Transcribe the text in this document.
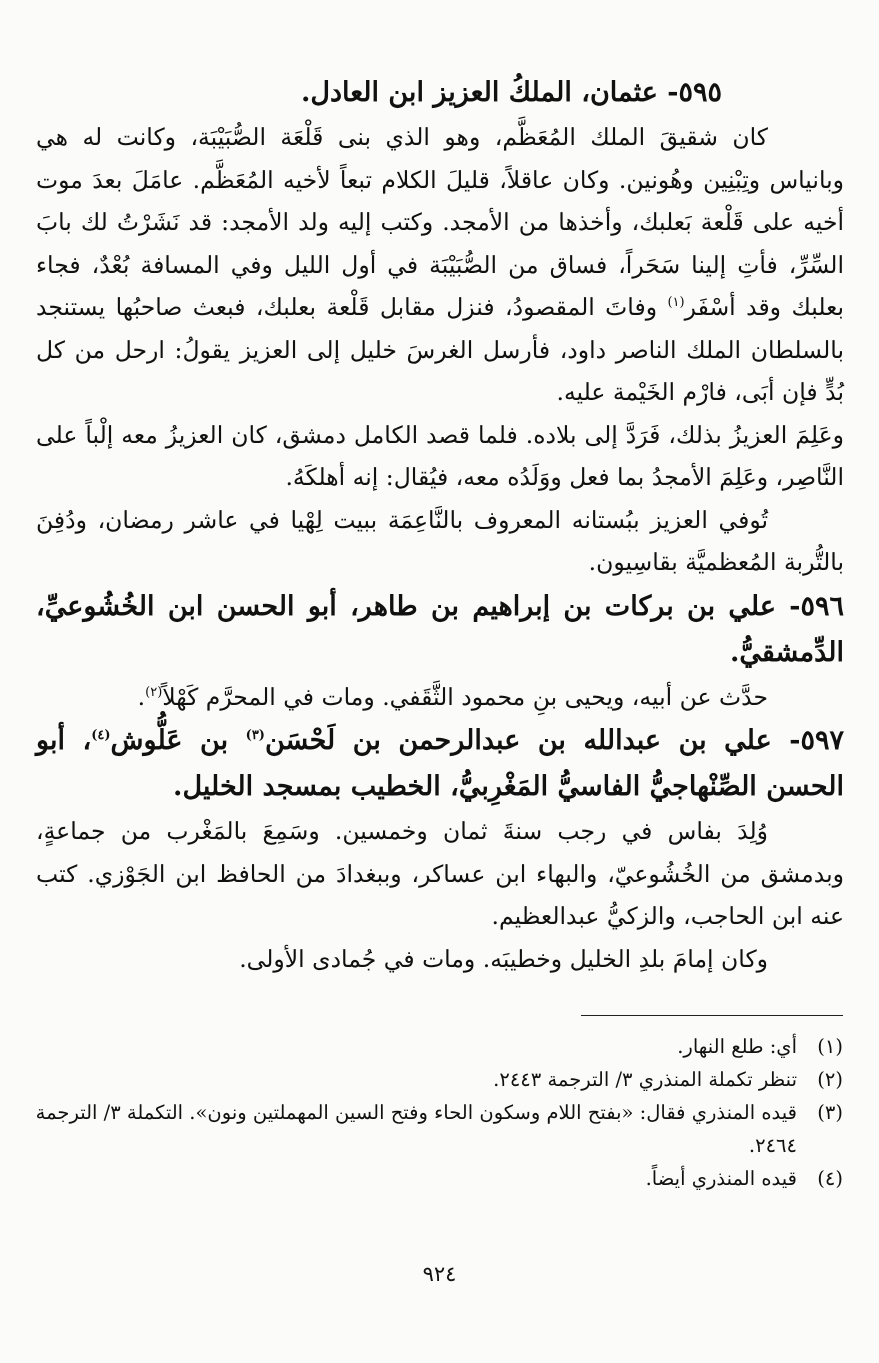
٥٩٥- عثمان، الملكُ العزيز ابن العادل.

كان شقيقَ الملك المُعَظَّم، وهو الذي بنى قَلْعَة الصُّبَيْبَة، وكانت له هي وبانياس وتِبْنِين وهُونين. وكان عاقلاً، قليلَ الكلام تبعاً لأخيه المُعَظَّم. عامَلَ بعدَ موت أخيه على قَلْعة بَعلبك، وأخذها من الأمجد. وكتب إليه ولد الأمجد: قد نَشَرْتُ لك بابَ السِّرِّ، فأتِ إلينا سَحَراً، فساق من الصُّبَيْبَة في أول الليل وفي المسافة بُعْدٌ، فجاء بعلبك وقد أسْفَر$^{(١)}$ وفاتَ المقصودُ، فنزل مقابل قَلْعة بعلبك، فبعث صاحبُها يستنجد بالسلطان الملك الناصر داود، فأرسل الغرسَ خليل إلى العزيز يقولُ: ارحل من كل بُدٍّ فإن أبَى، فارْم الخَيْمة عليه.

وعَلِمَ العزيزُ بذلك، فَرَدَّ إلى بلاده. فلما قصد الكامل دمشق، كان العزيزُ معه إلْباً على النَّاصِر، وعَلِمَ الأمجدُ بما فعل ووَلَدُه معه، فيُقال: إنه أهلكَهُ.

تُوفي العزيز ببُستانه المعروف بالنَّاعِمَة ببيت لِهْيا في عاشر رمضان، ودُفِنَ بالتُّربة المُعظميَّة بقاسِيون.

٥٩٦- علي بن بركات بن إبراهيم بن طاهر، أبو الحسن ابن الخُشُوعيِّ، الدِّمشقيُّ.

حدَّث عن أبيه، ويحيى بنِ محمود الثَّقَفي. ومات في المحرَّم كَهْلاً$^{(٢)}$.

٥٩٧- علي بن عبدالله بن عبدالرحمن بن لَحْسَن$^{(٣)}$ بن عَلُّوش$^{(٤)}$، أبو الحسن الصِّنْهاجيُّ الفاسيُّ المَغْرِبيُّ، الخطيب بمسجد الخليل.

وُلِدَ بفاس في رجب سنةَ ثمان وخمسين. وسَمِعَ بالمَغْرب من جماعةٍ، وبدمشق من الخُشُوعيّ، والبهاء ابن عساكر، وببغدادَ من الحافظ ابن الجَوْزي. كتب عنه ابن الحاجب، والزكيُّ عبدالعظيم.

وكان إمامَ بلدِ الخليل وخطيبَه. ومات في جُمادى الأولى.

(١)
أي: طلع النهار.
(٢)
تنظر تكملة المنذري ٣/ الترجمة ٢٤٤٣.
(٣)
قيده المنذري فقال: «بفتح اللام وسكون الحاء وفتح السين المهملتين ونون». التكملة ٣/ الترجمة ٢٤٦٤.
(٤)
قيده المنذري أيضاً.
٩٢٤
